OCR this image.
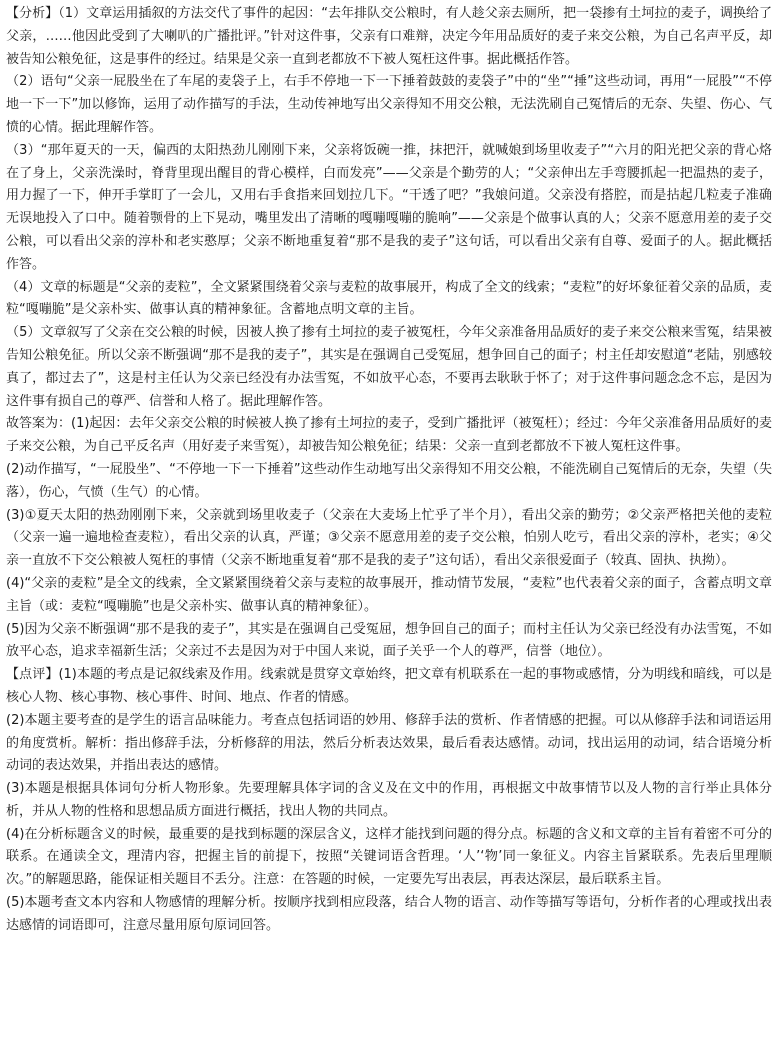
【分析】（1）文章运用插叙的方法交代了事件的起因：“去年排队交公粮时，有人趁父亲去厕所，把一袋掺有土坷拉的麦子，调换给了父亲，……他因此受到了大喇叭的广播批评。”针对这件事，父亲有口难辩，决定今年用品质好的麦子来交公粮，为自己名声平反，却被告知公粮免征，这是事件的经过。结果是父亲一直到老都放不下被人冤枉这件事。据此概括作答。

（2）语句“父亲一屁股坐在了车尾的麦袋子上，右手不停地一下一下捶着鼓鼓的麦袋子”中的“坐”“捶”这些动词，再用“一屁股”“不停地一下一下”加以修饰，运用了动作描写的手法，生动传神地写出父亲得知不用交公粮，无法洗刷自己冤情后的无奈、失望、伤心、气愤的心情。据此理解作答。

（3）“那年夏天的一天，偏西的太阳热劲儿刚刚下来，父亲将饭碗一推，抹把汗，就喊娘到场里收麦子”“六月的阳光把父亲的背心烙在了身上，父亲洗澡时，脊背里现出醒目的背心模样，白而发亮”——父亲是个勤劳的人；“父亲伸出左手弯腰抓起一把温热的麦子，用力握了一下，伸开手掌盯了一会儿，又用右手食指来回划拉几下。“干透了吧？”我娘问道。父亲没有搭腔，而是拈起几粒麦子准确无误地投入了口中。随着颚骨的上下晃动，嘴里发出了清晰的嘎嘣嘎嘣的脆响”——父亲是个做事认真的人；父亲不愿意用差的麦子交公粮，可以看出父亲的淳朴和老实憨厚；父亲不断地重复着“那不是我的麦子”这句话，可以看出父亲有自尊、爱面子的人。据此概括作答。

（4）文章的标题是“父亲的麦粒”，全文紧紧围绕着父亲与麦粒的故事展开，构成了全文的线索；“麦粒”的好坏象征着父亲的品质，麦粒“嘎嘣脆”是父亲朴实、做事认真的精神象征。含蓄地点明文章的主旨。

（5）文章叙写了父亲在交公粮的时候，因被人换了掺有土坷拉的麦子被冤枉，今年父亲准备用品质好的麦子来交公粮来雪冤，结果被告知公粮免征。所以父亲不断强调“那不是我的麦子”，其实是在强调自己受冤屈，想争回自己的面子；村主任却安慰道“老陆，别感较真了，都过去了”，这是村主任认为父亲已经没有办法雪冤，不如放平心态，不要再去耿耿于怀了；对于这件事问题念念不忘，是因为这件事有损自己的尊严、信誉和人格了。据此理解作答。

故答案为：(1)起因：去年父亲交公粮的时候被人换了掺有土坷拉的麦子，受到广播批评（被冤枉）；经过：今年父亲准备用品质好的麦子来交公粮，为自己平反名声（用好麦子来雪冤），却被告知公粮免征；结果：父亲一直到老都放不下被人冤枉这件事。

(2)动作描写，“一屁股坐”、“不停地一下一下捶着”这些动作生动地写出父亲得知不用交公粮，不能洗刷自己冤情后的无奈，失望（失落），伤心，气愤（生气）的心情。

(3)①夏天太阳的热劲刚刚下来，父亲就到场里收麦子（父亲在大麦场上忙乎了半个月），看出父亲的勤劳；②父亲严格把关他的麦粒（父亲一遍一遍地检查麦粒），看出父亲的认真，严谨；③父亲不愿意用差的麦子交公粮，怕别人吃亏，看出父亲的淳朴，老实；④父亲一直放不下交公粮被人冤枉的事情（父亲不断地重复着“那不是我的麦子”这句话），看出父亲很爱面子（较真、固执、执拗）。

(4)“父亲的麦粒”是全文的线索，全文紧紧围绕着父亲与麦粒的故事展开，推动情节发展，“麦粒”也代表着父亲的面子，含蓄点明文章主旨（或：麦粒“嘎嘣脆”也是父亲朴实、做事认真的精神象征）。

(5)因为父亲不断强调“那不是我的麦子”，其实是在强调自己受冤屈，想争回自己的面子；而村主任认为父亲已经没有办法雪冤，不如放平心态，追求幸福新生活；父亲过不去是因为对于中国人来说，面子关乎一个人的尊严，信誉（地位）。

【点评】(1)本题的考点是记叙线索及作用。线索就是贯穿文章始终，把文章有机联系在一起的事物或感情，分为明线和暗线，可以是核心人物、核心事物、核心事件、时间、地点、作者的情感。

(2)本题主要考查的是学生的语言品味能力。考查点包括词语的妙用、修辞手法的赏析、作者情感的把握。可以从修辞手法和词语运用的角度赏析。解析：指出修辞手法，分析修辞的用法，然后分析表达效果，最后看表达感情。动词，找出运用的动词，结合语境分析动词的表达效果，并指出表达的感情。

(3)本题是根据具体词句分析人物形象。先要理解具体字词的含义及在文中的作用，再根据文中故事情节以及人物的言行举止具体分析，并从人物的性格和思想品质方面进行概括，找出人物的共同点。

(4)在分析标题含义的时候，最重要的是找到标题的深层含义，这样才能找到问题的得分点。标题的含义和文章的主旨有着密不可分的联系。在通读全文，理清内容，把握主旨的前提下，按照“关键词语含哲理。‘人’‘物’同一象征义。内容主旨紧联系。先表后里理顺次。”的解题思路，能保证相关题目不丢分。注意：在答题的时候，一定要先写出表层，再表达深层，最后联系主旨。

(5)本题考查文本内容和人物感情的理解分析。按顺序找到相应段落，结合人物的语言、动作等描写等语句，分析作者的心理或找出表达感情的词语即可，注意尽量用原句原词回答。
